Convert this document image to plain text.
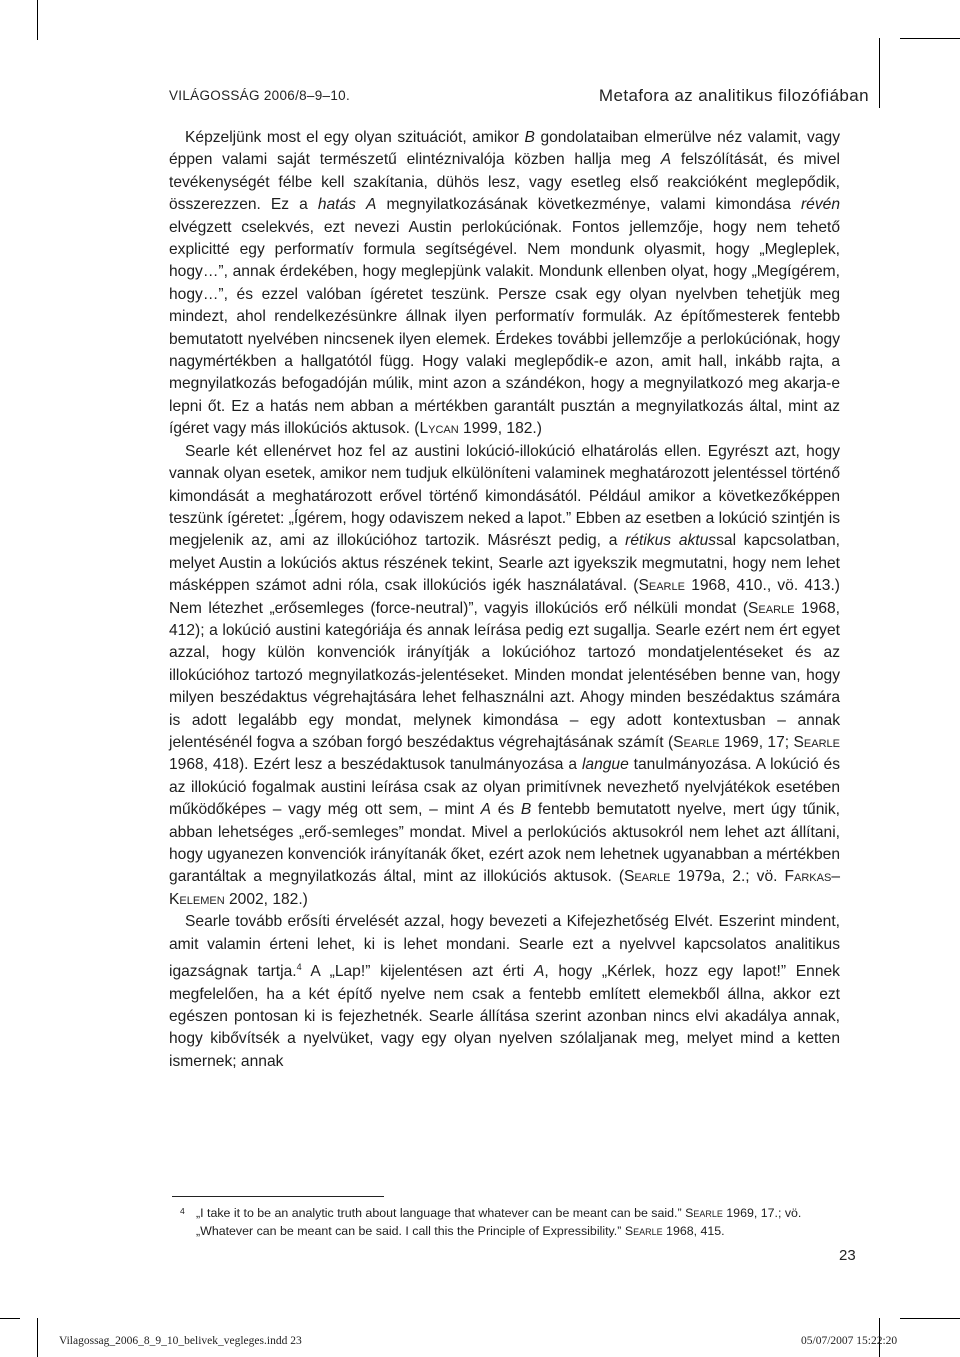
VILÁGOSSÁG 2006/8–9–10.	Metafora az analitikus filozófiában

Képzeljünk most el egy olyan szituációt, amikor B gondolataiban elmerülve néz valamit, vagy éppen valami saját természetű elintéznivalója közben hallja meg A felszólítását, és mivel tevékenységét félbe kell szakítania, dühös lesz, vagy esetleg első reakcióként meglepődik, összerezzen. Ez a hatás A megnyilatkozásának következménye, valami kimondása révén elvégzett cselekvés, ezt nevezi Austin perlokúciónak. Fontos jellemzője, hogy nem tehető explicitté egy performatív formula segítségével. Nem mondunk olyasmit, hogy „Megleplek, hogy…”, annak érdekében, hogy meglepjünk valakit. Mondunk ellenben olyat, hogy „Megígérem, hogy…”, és ezzel valóban ígéretet teszünk. Persze csak egy olyan nyelvben tehetjük meg mindezt, ahol rendelkezésünkre állnak ilyen performatív formulák. Az építőmesterek fentebb bemutatott nyelvében nincsenek ilyen elemek. Érdekes további jellemzője a perlokúciónak, hogy nagymértékben a hallgatótól függ. Hogy valaki meglepődik-e azon, amit hall, inkább rajta, a megnyilatkozás befogadóján múlik, mint azon a szándékon, hogy a megnyilatkozó meg akarja-e lepni őt. Ez a hatás nem abban a mértékben garantált pusztán a megnyilatkozás által, mint az ígéret vagy más illokúciós aktusok. (Lycan 1999, 182.)

Searle két ellenérvet hoz fel az austini lokúció-illokúció elhatárolás ellen. Egyrészt azt, hogy vannak olyan esetek, amikor nem tudjuk elkülöníteni valaminek meghatározott jelentéssel történő kimondását a meghatározott erővel történő kimondásától. Például amikor a következőképpen teszünk ígéretet: „Ígérem, hogy odaviszem neked a lapot.” Ebben az esetben a lokúció szintjén is megjelenik az, ami az illokúcióhoz tartozik. Másrészt pedig, a rétikus aktussal kapcsolatban, melyet Austin a lokúciós aktus részének tekint, Searle azt igyekszik megmutatni, hogy nem lehet másképpen számot adni róla, csak illokúciós igék használatával. (Searle 1968, 410., vö. 413.) Nem létezhet „erősemleges (force-neutral)”, vagyis illokúciós erő nélküli mondat (Searle 1968, 412); a lokúció austini kategóriája és annak leírása pedig ezt sugallja. Searle ezért nem ért egyet azzal, hogy külön konvenciók irányítják a lokúcióhoz tartozó mondatjelentéseket és az illokúcióhoz tartozó megnyilatkozás-jelentéseket. Minden mondat jelentésében benne van, hogy milyen beszédaktus végrehajtására lehet felhasználni azt. Ahogy minden beszédaktus számára is adott legalább egy mondat, melynek kimondása – egy adott kontextusban – annak jelentésénél fogva a szóban forgó beszédaktus végrehajtásának számít (Searle 1969, 17; Searle 1968, 418). Ezért lesz a beszédaktusok tanulmányozása a langue tanulmányozása. A lokúció és az illokúció fogalmak austini leírása csak az olyan primitívnek nevezhető nyelvjátékok esetében működőképes – vagy még ott sem, – mint A és B fentebb bemutatott nyelve, mert úgy tűnik, abban lehetséges „erő-semleges” mondat. Mivel a perlokúciós aktusokról nem lehet azt állítani, hogy ugyanezen konvenciók irányítanák őket, ezért azok nem lehetnek ugyanabban a mértékben garantáltak a megnyilatkozás által, mint az illokúciós aktusok. (Searle 1979a, 2.; vö. Farkas–Kelemen 2002, 182.)

Searle tovább erősíti érvelését azzal, hogy bevezeti a Kifejezhetőség Elvét. Eszerint mindent, amit valamin érteni lehet, ki is lehet mondani. Searle ezt a nyelvvel kapcsolatos analitikus igazságnak tartja.$^4$ A „Lap!” kijelentésen azt érti A, hogy „Kérlek, hozz egy lapot!” Ennek megfelelően, ha a két építő nyelve nem csak a fentebb említett elemekből állna, akkor ezt egészen pontosan ki is fejezhetnék. Searle állítása szerint azonban nincs elvi akadálya annak, hogy kibővítsék a nyelvüket, vagy egy olyan nyelven szólaljanak meg, melyet mind a ketten ismernek; annak

4 „I take it to be an analytic truth about language that whatever can be meant can be said.” Searle 1969, 17.; vö. „Whatever can be meant can be said. I call this the Principle of Expressibility.” Searle 1968, 415.
23
Vilagossag_2006_8_9_10_belivek_vegleges.indd 23	05/07/2007 15:22:20
